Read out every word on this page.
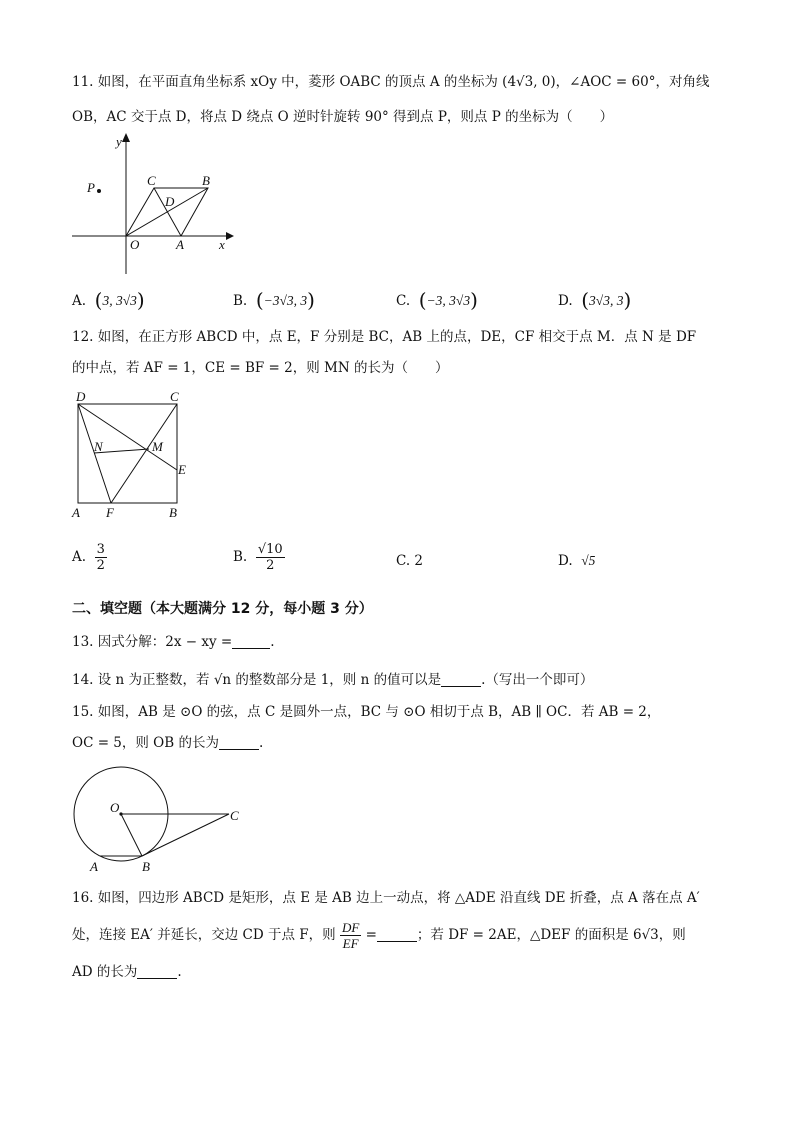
11. 如图，在平面直角坐标系 xOy 中，菱形 OABC 的顶点 A 的坐标为 (4√3, 0)，∠AOC = 60°，对角线
OB，AC 交于点 D，将点 D 绕点 O 逆时针旋转 90° 得到点 P，则点 P 的坐标为（　　）
y
x
O	A
B
C
D
P
A. (3, 3√3)	B. (−3√3, 3)	C. (−3, 3√3)	D. (3√3, 3)
12. 如图，在正方形 ABCD 中，点 E，F 分别是 BC，AB 上的点，DE，CF 相交于点 M．点 N 是 DF
的中点，若 AF = 1，CE = BF = 2，则 MN 的长为（　　）
D	C
N	M
E
A F	B
A. $\frac{3}{2}$	B. $\frac{√10}{2}$	C. 2	D. √5
二、填空题（本大题满分 12 分，每小题 3 分）
13. 因式分解：2x − xy =	.
14. 设 n 为正整数，若 √n 的整数部分是 1，则 n 的值可以是	.（写出一个即可）
15. 如图，AB 是 ⊙O 的弦，点 C 是圆外一点，BC 与 ⊙O 相切于点 B，AB ∥ OC．若 AB = 2，
OC = 5，则 OB 的长为	.
O
C
A	B
16. 如图，四边形 ABCD 是矩形，点 E 是 AB 边上一动点，将 △ADE 沿直线 DE 折叠，点 A 落在点 A′
处，连接 EA′ 并延长，交边 CD 于点 F，则 $\frac{DF}{EF}$ =	；若 DF = 2AE，△DEF 的面积是 6√3，则
AD 的长为	.
